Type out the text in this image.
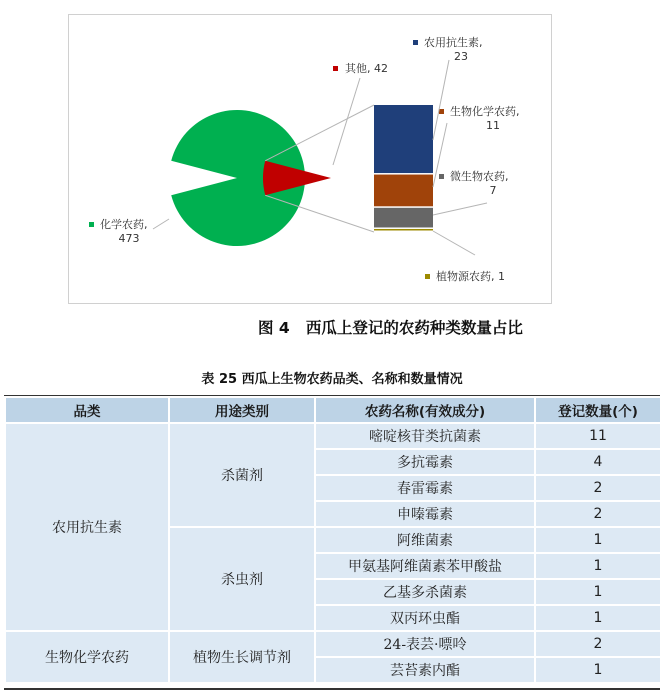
化学农药,
473
其他, 42
农用抗生素,
23
生物化学农药,
11
微生物农药,
7
植物源农药, 1
图 4   西瓜上登记的农药种类数量占比
表 25 西瓜上生物农药品类、名称和数量情况
品类	用途类别	农药名称(有效成分)	登记数量(个)
农用抗生素	杀菌剂	嘧啶核苷类抗菌素	11
		多抗霉素	4
		春雷霉素	2
		申嗪霉素	2
	杀虫剂	阿维菌素	1
		甲氨基阿维菌素苯甲酸盐	1
		乙基多杀菌素	1
		双丙环虫酯	1
生物化学农药	植物生长调节剂	24-表芸·嘌呤	2
		芸苔素内酯	1
